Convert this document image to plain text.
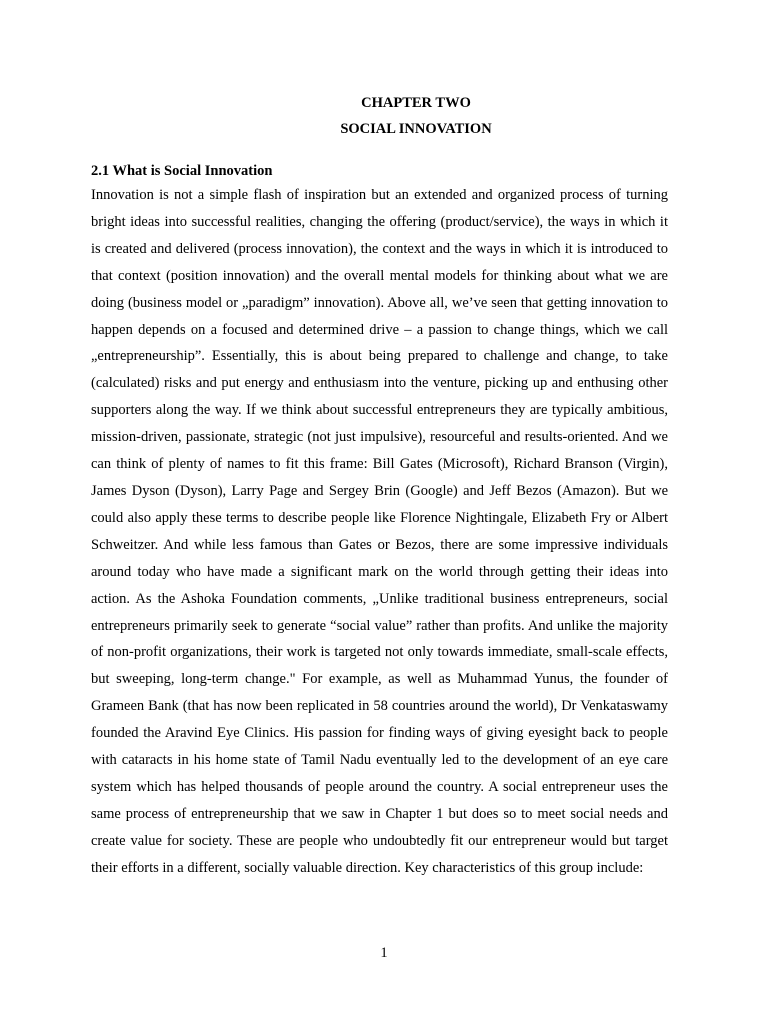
CHAPTER TWO
SOCIAL INNOVATION
2.1 What is Social Innovation

Innovation is not a simple flash of inspiration but an extended and organized process of turning bright ideas into successful realities, changing the offering (product/service), the ways in which it is created and delivered (process innovation), the context and the ways in which it is introduced to that context (position innovation) and the overall mental models for thinking about what we are doing (business model or „paradigm” innovation). Above all, we’ve seen that getting innovation to happen depends on a focused and determined drive – a passion to change things, which we call „entrepreneurship”. Essentially, this is about being prepared to challenge and change, to take (calculated) risks and put energy and enthusiasm into the venture, picking up and enthusing other supporters along the way. If we think about successful entrepreneurs they are typically ambitious, mission-driven, passionate, strategic (not just impulsive), resourceful and results-oriented. And we can think of plenty of names to fit this frame: Bill Gates (Microsoft), Richard Branson (Virgin), James Dyson (Dyson), Larry Page and Sergey Brin (Google) and Jeff Bezos (Amazon). But we could also apply these terms to describe people like Florence Nightingale, Elizabeth Fry or Albert Schweitzer. And while less famous than Gates or Bezos, there are some impressive individuals around today who have made a significant mark on the world through getting their ideas into action. As the Ashoka Foundation comments, „Unlike traditional business entrepreneurs, social entrepreneurs primarily seek to generate “social value” rather than profits. And unlike the majority of non-profit organizations, their work is targeted not only towards immediate, small-scale effects, but sweeping, long-term change." For example, as well as Muhammad Yunus, the founder of Grameen Bank (that has now been replicated in 58 countries around the world), Dr Venkataswamy founded the Aravind Eye Clinics. His passion for finding ways of giving eyesight back to people with cataracts in his home state of Tamil Nadu eventually led to the development of an eye care system which has helped thousands of people around the country. A social entrepreneur uses the same process of entrepreneurship that we saw in Chapter 1 but does so to meet social needs and create value for society. These are people who undoubtedly fit our entrepreneur would but target their efforts in a different, socially valuable direction. Key characteristics of this group include:

1
